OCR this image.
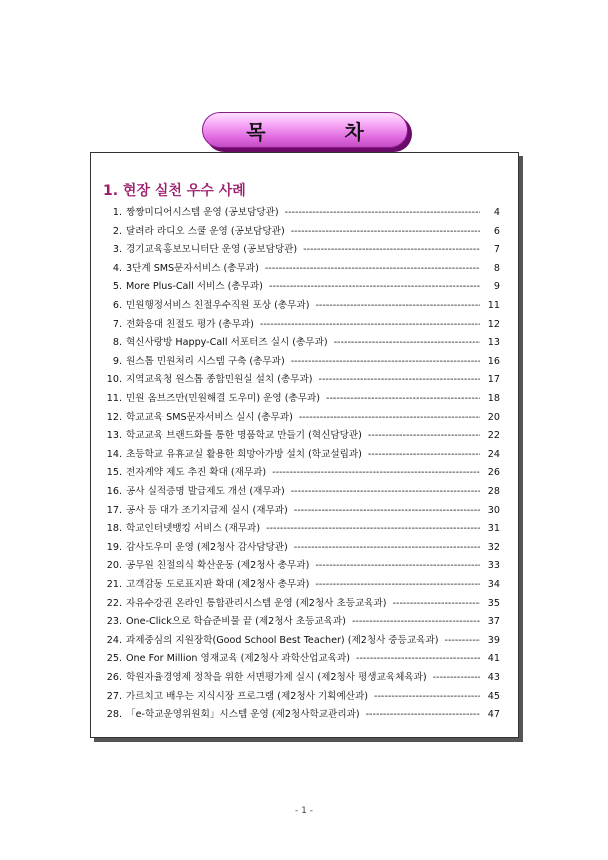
목 차
1. 현장 실천 우수 사례
1. 짱짱미디어시스템 운영 (공보담당관) -----	4
2. 달려라 라디오 스쿨 운영 (공보담당관) -----	6
3. 경기교육홍보모니터단 운영 (공보담당관) -----	7
4. 3단계 SMS문자서비스 (총무과) -----	8
5. More Plus-Call 서비스 (총무과) -----	9
6. 민원행정서비스 친절우수직원 포상 (총무과) -----	11
7. 전화응대 친절도 평가 (총무과) -----	12
8. 혁신사랑방 Happy-Call 서포터즈 실시 (총무과) -----	13
9. 원스톱 민원처리 시스템 구축 (총무과) -----	16
10. 지역교육청 원스톱 종합민원실 설치 (총무과) -----	17
11. 민원 옴브즈만(민원해결 도우미) 운영 (총무과) -----	18
12. 학교교육 SMS문자서비스 실시 (총무과) -----	20
13. 학교교육 브랜드화를 통한 명품학교 만들기 (혁신담당관) -----	22
14. 초등학교 유휴교실 활용한 희망아가방 설치 (학교설립과) -----	24
15. 전자계약 제도 추진 확대 (재무과) -----	26
16. 공사 실적증명 발급제도 개선 (재무과) -----	28
17. 공사 등 대가 조기지급제 실시 (재무과) -----	30
18. 학교인터넷뱅킹 서비스 (재무과) -----	31
19. 감사도우미 운영 (제2청사 감사담당관) -----	32
20. 공무원 친절의식 확산운동 (제2청사 총무과) -----	33
21. 고객감동 도로표지판 확대 (제2청사 총무과) -----	34
22. 자유수강권 온라인 통합관리시스템 운영 (제2청사 초등교육과) -----	35
23. One-Click으로 학습준비물 끝 (제2청사 초등교육과) -----	37
24. 과제중심의 지원장학(Good School Best Teacher) (제2청사 중등교육과) -----	39
25. One For Million 영재교육 (제2청사 과학산업교육과) -----	41
26. 학원자율경영제 정착을 위한 서면평가제 실시 (제2청사 평생교육체육과) -----	43
27. 가르치고 배우는 지식시장 프로그램 (제2청사 기획예산과) -----	45
28. 「e-학교운영위원회」시스템 운영 (제2청사학교관리과) -----	47
- 1 -
